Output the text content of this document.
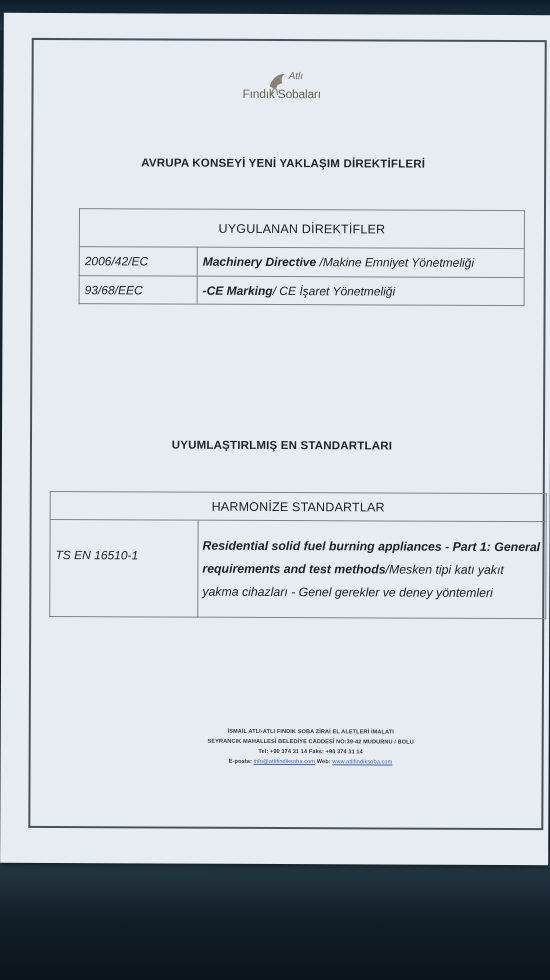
Atlı
Fındık Sobaları
AVRUPA KONSEYİ YENİ YAKLAŞIM DİREKTİFLERİ
UYGULANAN DİREKTİFLER	
2006/42/EC	Machinery Directive /Makine Emniyet Yönetmeliği
93/68/EEC	-CE Marking/ CE İşaret Yönetmeliği
UYUMLAŞTIRLMIŞ EN STANDARTLARI
HARMONİZE STANDARTLAR
TS EN 16510-1	Residential solid fuel burning appliances - Part 1: General requirements and test methods/Mesken tipi katı yakıt yakma cihazları - Genel gerekler ve deney yöntemleri
İSMAİL ATLI-ATLI FINDIK SOBA ZİRAİ EL ALETLERİ İMALATI
SEYRANCIK MAHALLESİ BELEDİYE CADDESİ NO:39-42 MUDURNU / BOLU
Tel: +90 374 31 14 Faks: +90 374 31 14
E-posta: info@atlifindiksoba.com Web: www.atlifindiksoba.com
